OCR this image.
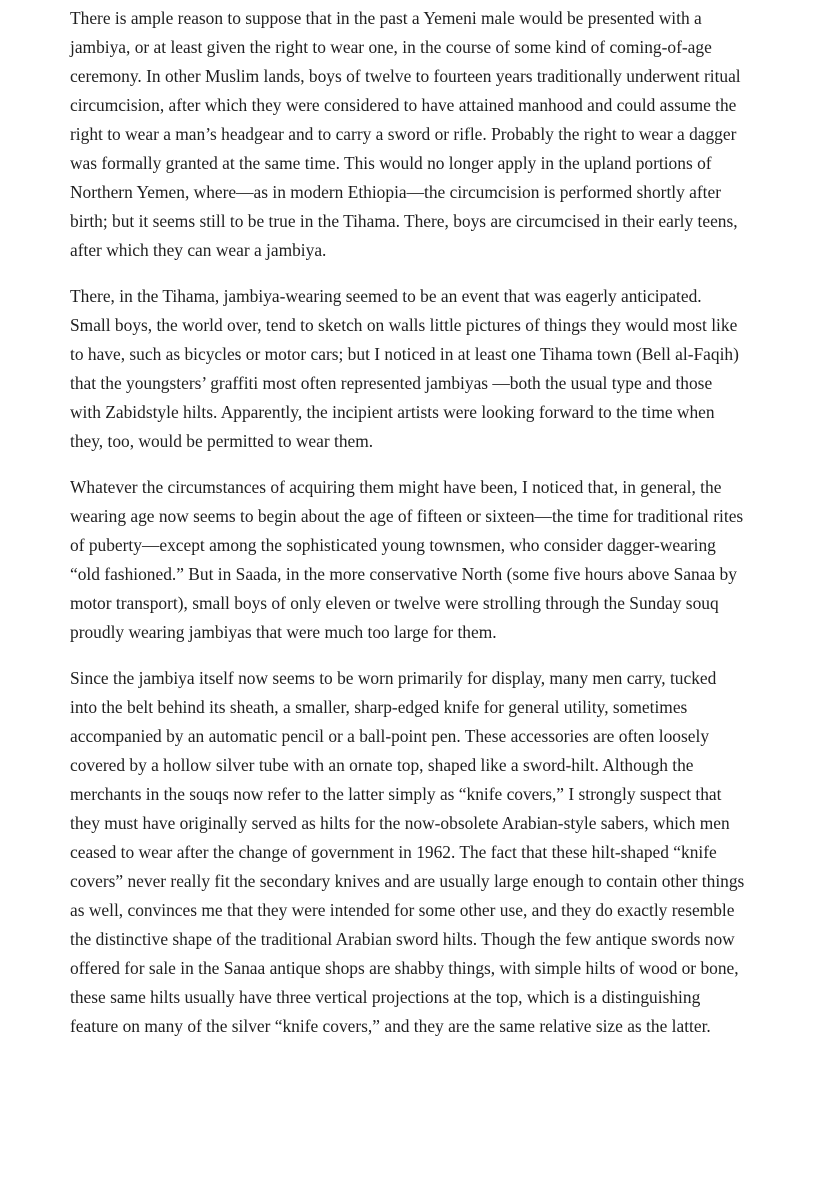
There is ample reason to suppose that in the past a Yemeni male would be presented with a jambiya, or at least given the right to wear one, in the course of some kind of coming-of-age ceremony. In other Muslim lands, boys of twelve to fourteen years traditionally underwent ritual circumcision, after which they were considered to have attained manhood and could assume the right to wear a man’s headgear and to carry a sword or rifle. Probably the right to wear a dagger was formally granted at the same time. This would no longer apply in the upland portions of Northern Yemen, where—as in modern Ethiopia—the circumcision is performed shortly after birth; but it seems still to be true in the Tihama. There, boys are circumcised in their early teens, after which they can wear a jambiya.

There, in the Tihama, jambiya-wearing seemed to be an event that was eagerly anticipated. Small boys, the world over, tend to sketch on walls little pictures of things they would most like to have, such as bicycles or motor cars; but I noticed in at least one Tihama town (Bell al-Faqih) that the youngsters’ graffiti most often represented jambiyas —both the usual type and those with Zabidstyle hilts. Apparently, the incipient artists were looking forward to the time when they, too, would be permitted to wear them.

Whatever the circumstances of acquiring them might have been, I noticed that, in general, the wearing age now seems to begin about the age of fifteen or sixteen—the time for traditional rites of puberty—except among the sophisticated young townsmen, who consider dagger-wearing “old fashioned.” But in Saada, in the more conservative North (some five hours above Sanaa by motor transport), small boys of only eleven or twelve were strolling through the Sunday souq proudly wearing jambiyas that were much too large for them.

Since the jambiya itself now seems to be worn primarily for display, many men carry, tucked into the belt behind its sheath, a smaller, sharp-edged knife for general utility, sometimes accompanied by an automatic pencil or a ball-point pen. These accessories are often loosely covered by a hollow silver tube with an ornate top, shaped like a sword-hilt. Although the merchants in the souqs now refer to the latter simply as “knife covers,” I strongly suspect that they must have originally served as hilts for the now-obsolete Arabian-style sabers, which men ceased to wear after the change of government in 1962. The fact that these hilt-shaped “knife covers” never really fit the secondary knives and are usually large enough to contain other things as well, convinces me that they were intended for some other use, and they do exactly resemble the distinctive shape of the traditional Arabian sword hilts. Though the few antique swords now offered for sale in the Sanaa antique shops are shabby things, with simple hilts of wood or bone, these same hilts usually have three vertical projections at the top, which is a distinguishing feature on many of the silver “knife covers,” and they are the same relative size as the latter.
